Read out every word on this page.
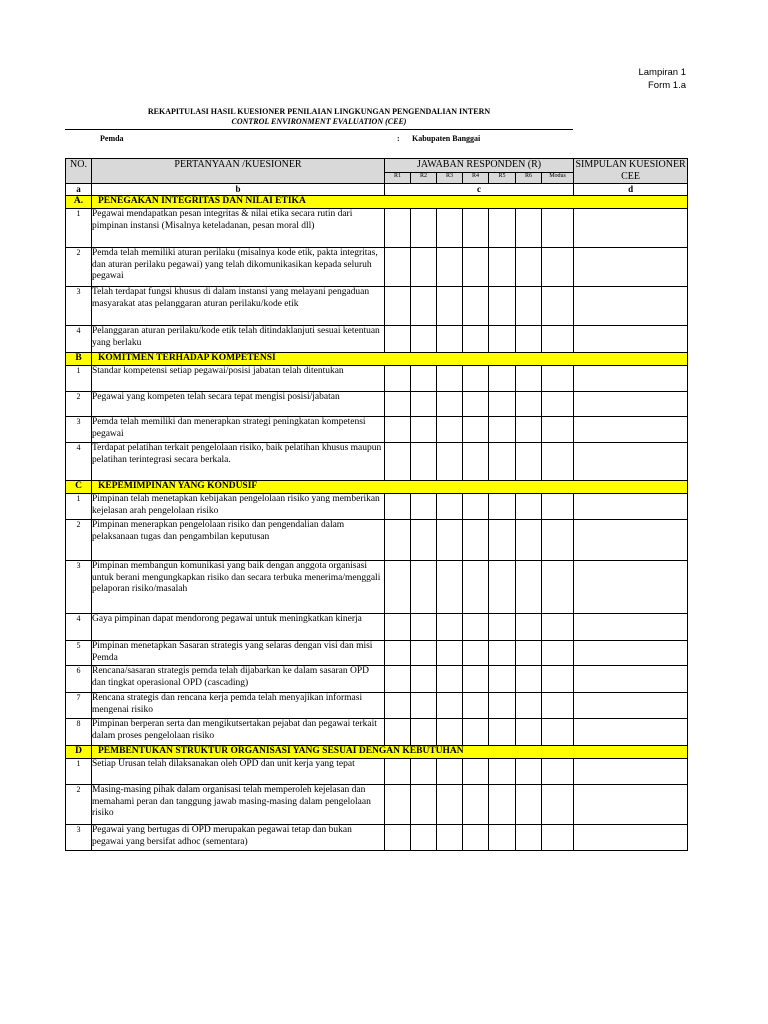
Lampiran 1
Form 1.a
REKAPITULASI HASIL KUESIONER PENILAIAN LINGKUNGAN PENGENDALIAN INTERN
CONTROL ENVIRONMENT EVALUATION (CEE)
Pemda	: Kabupaten Banggai
NO.	PERTANYAAN /KUESIONER	JAWABAN RESPONDEN (R)							SIMPULAN KUESIONER CEE
		R1	R2	R3	R4	R5	R6	Modus	
a	b	c							d
A.	PENEGAKAN INTEGRITAS DAN NILAI ETIKA								
1	Pegawai mendapatkan pesan integritas & nilai etika secara rutin dari pimpinan instansi (Misalnya keteladanan, pesan moral dll)								
2	Pemda telah memiliki aturan perilaku (misalnya kode etik, pakta integritas, dan aturan perilaku pegawai) yang telah dikomunikasikan kepada seluruh pegawai								
3	Telah terdapat fungsi khusus di dalam instansi yang melayani pengaduan masyarakat atas pelanggaran aturan perilaku/kode etik								
4	Pelanggaran aturan perilaku/kode etik telah ditindaklanjuti sesuai ketentuan yang berlaku								
B	KOMITMEN TERHADAP KOMPETENSI								
1	Standar kompetensi setiap pegawai/posisi jabatan telah ditentukan								
2	Pegawai yang kompeten telah secara tepat mengisi posisi/jabatan								
3	Pemda telah memiliki dan menerapkan strategi peningkatan kompetensi pegawai								
4	Terdapat pelatihan terkait pengelolaan risiko, baik pelatihan khusus maupun pelatihan terintegrasi secara berkala.								
C	KEPEMIMPINAN YANG KONDUSIF								
1	Pimpinan telah menetapkan kebijakan pengelolaan risiko yang memberikan kejelasan arah pengelolaan risiko								
2	Pimpinan menerapkan pengelolaan risiko dan pengendalian dalam pelaksanaan tugas dan pengambilan keputusan								
3	Pimpinan membangun komunikasi yang baik dengan anggota organisasi untuk berani mengungkapkan risiko dan secara terbuka menerima/menggali pelaporan risiko/masalah								
4	Gaya pimpinan dapat mendorong pegawai untuk meningkatkan kinerja								
5	Pimpinan menetapkan Sasaran strategis yang selaras dengan visi dan misi Pemda								
6	Rencana/sasaran strategis pemda telah dijabarkan ke dalam sasaran OPD dan tingkat operasional OPD (cascading)								
7	Rencana strategis dan rencana kerja pemda telah menyajikan informasi mengenai risiko								
8	Pimpinan berperan serta dan mengikutsertakan pejabat dan pegawai terkait dalam proses pengelolaan risiko								
D	PEMBENTUKAN STRUKTUR ORGANISASI YANG SESUAI DENGAN KEBUTUHAN								
1	Setiap Urusan telah dilaksanakan oleh OPD dan unit kerja yang tepat								
2	Masing-masing pihak dalam organisasi telah memperoleh kejelasan dan memahami peran dan tanggung jawab masing-masing dalam pengelolaan risiko								
3	Pegawai yang bertugas di OPD merupakan pegawai tetap dan bukan pegawai yang bersifat adhoc (sementara)								
